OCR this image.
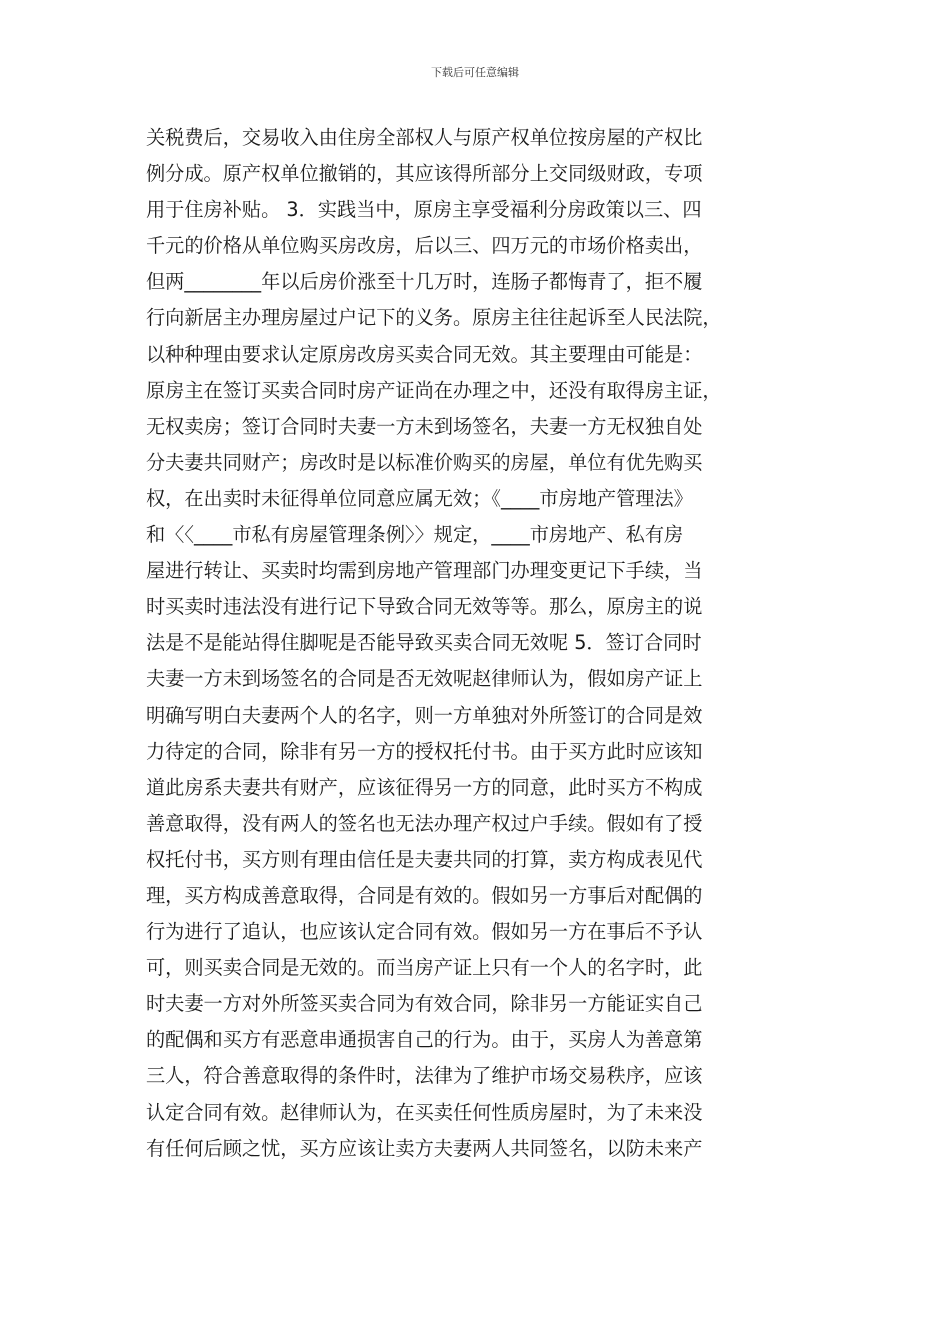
下载后可任意编辑
关税费后，交易收入由住房全部权人与原产权单位按房屋的产权比
例分成。原产权单位撤销的，其应该得所部分上交同级财政，专项
用于住房补贴。 3．实践当中，原房主享受福利分房政策以三、四
千元的价格从单位购买房改房，后以三、四万元的市场价格卖出，
但两________年以后房价涨至十几万时，连肠子都悔青了，拒不履
行向新居主办理房屋过户记下的义务。原房主往往起诉至人民法院，
以种种理由要求认定原房改房买卖合同无效。其主要理由可能是：
原房主在签订买卖合同时房产证尚在办理之中，还没有取得房主证，
无权卖房；签订合同时夫妻一方未到场签名，夫妻一方无权独自处
分夫妻共同财产；房改时是以标准价购买的房屋，单位有优先购买
权，在出卖时未征得单位同意应属无效；《____市房地产管理法》
和〈〈____市私有房屋管理条例〉〉规定，____市房地产、私有房
屋进行转让、买卖时均需到房地产管理部门办理变更记下手续，当
时买卖时违法没有进行记下导致合同无效等等。那么，原房主的说
法是不是能站得住脚呢是否能导致买卖合同无效呢 5．签订合同时
夫妻一方未到场签名的合同是否无效呢赵律师认为，假如房产证上
明确写明白夫妻两个人的名字，则一方单独对外所签订的合同是效
力待定的合同，除非有另一方的授权托付书。由于买方此时应该知
道此房系夫妻共有财产，应该征得另一方的同意，此时买方不构成
善意取得，没有两人的签名也无法办理产权过户手续。假如有了授
权托付书，买方则有理由信任是夫妻共同的打算，卖方构成表见代
理，买方构成善意取得，合同是有效的。假如另一方事后对配偶的
行为进行了追认，也应该认定合同有效。假如另一方在事后不予认
可，则买卖合同是无效的。而当房产证上只有一个人的名字时，此
时夫妻一方对外所签买卖合同为有效合同，除非另一方能证实自己
的配偶和买方有恶意串通损害自己的行为。由于，买房人为善意第
三人，符合善意取得的条件时，法律为了维护市场交易秩序，应该
认定合同有效。赵律师认为，在买卖任何性质房屋时，为了未来没
有任何后顾之忧，买方应该让卖方夫妻两人共同签名，以防未来产
